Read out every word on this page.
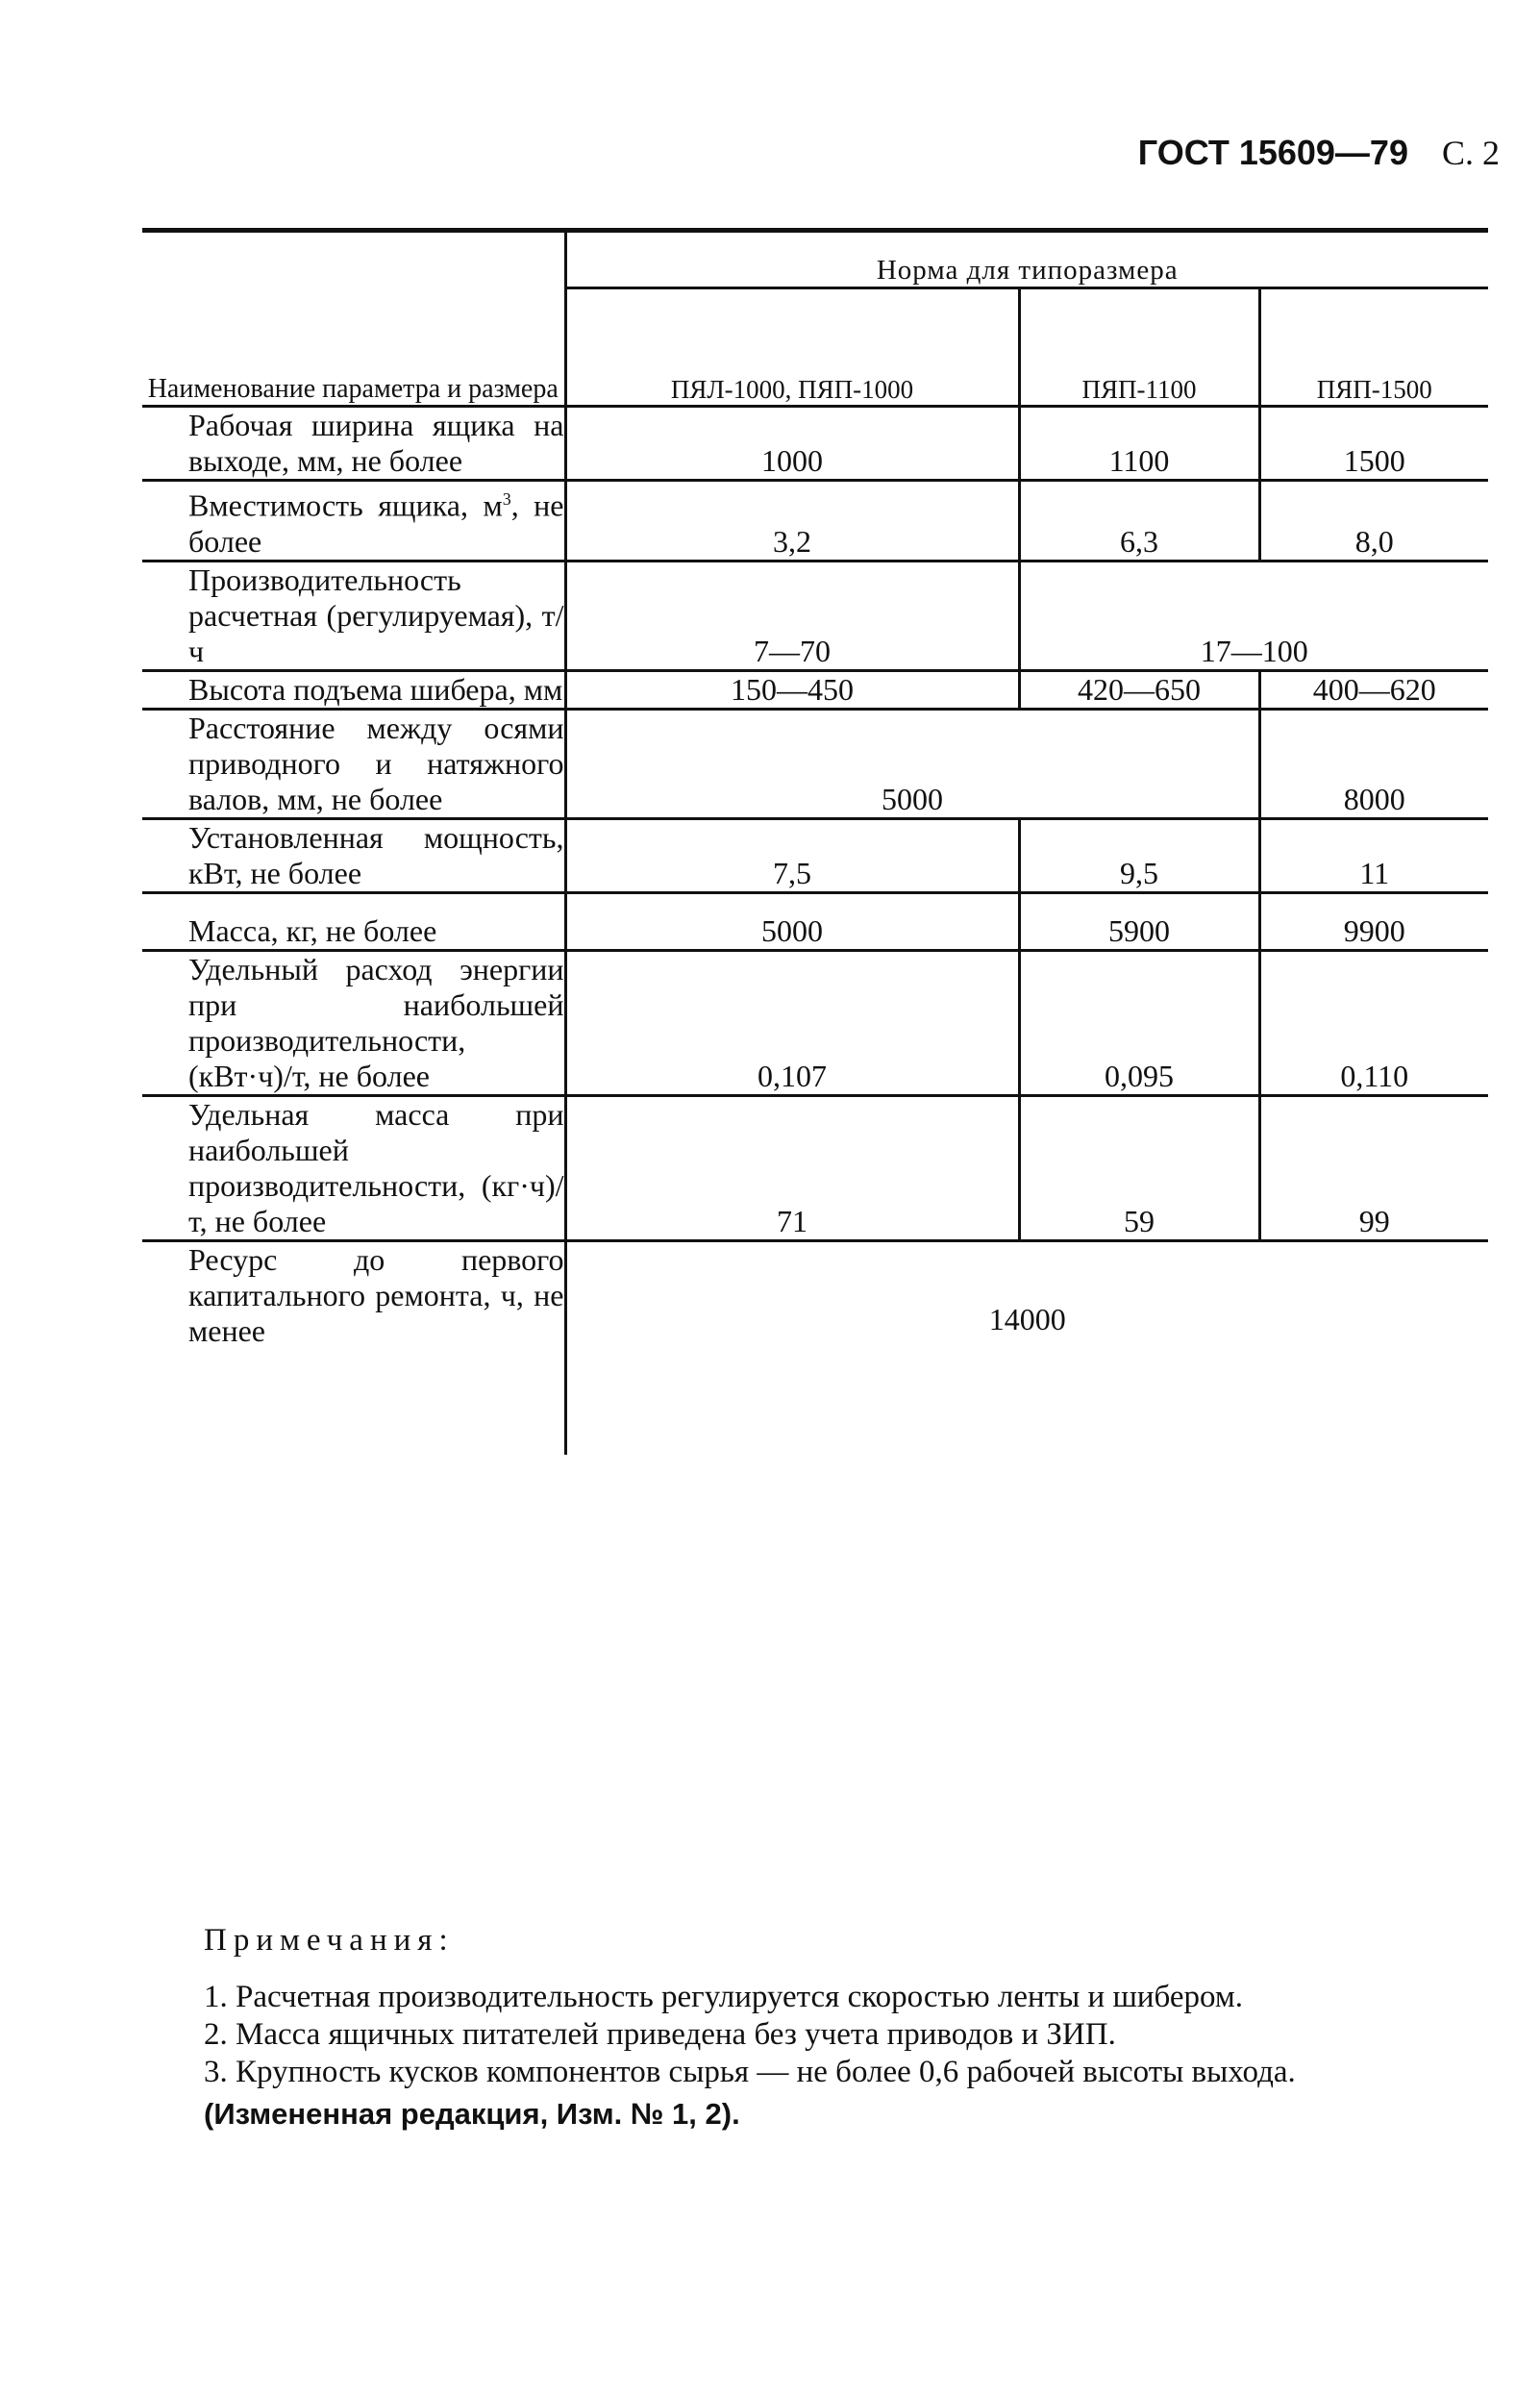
ГОСТ 15609—79 С. 2
Наименование параметра и размера	Норма для типоразмера		
	ПЯЛ-1000, ПЯП-1000	ПЯП-1100	ПЯП-1500

Рабочая ширина ящика на выходе, мм, не более	1000	1100	1500

Вместимость ящика, $м^3$, не более	3,2	6,3	8,0

Производительность расчетная (регулируемая), т/ч	7—70	17—100	

Высота подъема шибера, мм	150—450	420—650	400—620

Расстояние между осями приводного и натяжного валов, мм, не более	5000		8000

Установленная мощность, кВт, не более	7,5	9,5	11

Масса, кг, не более	5000	5900	9900

Удельный расход энергии при наибольшей производительности, (кВт·ч)/т, не более	0,107	0,095	0,110

Удельная масса при наибольшей производительности, (кг·ч)/т, не более	71	59	99

Ресурс до первого капитального ремонта, ч, не менее	14000		
Примечания:
1. Расчетная производительность регулируется скоростью ленты и шибером.
2. Масса ящичных питателей приведена без учета приводов и ЗИП.
3. Крупность кусков компонентов сырья — не более 0,6 рабочей высоты выхода.
(Измененная редакция, Изм. № 1, 2).
